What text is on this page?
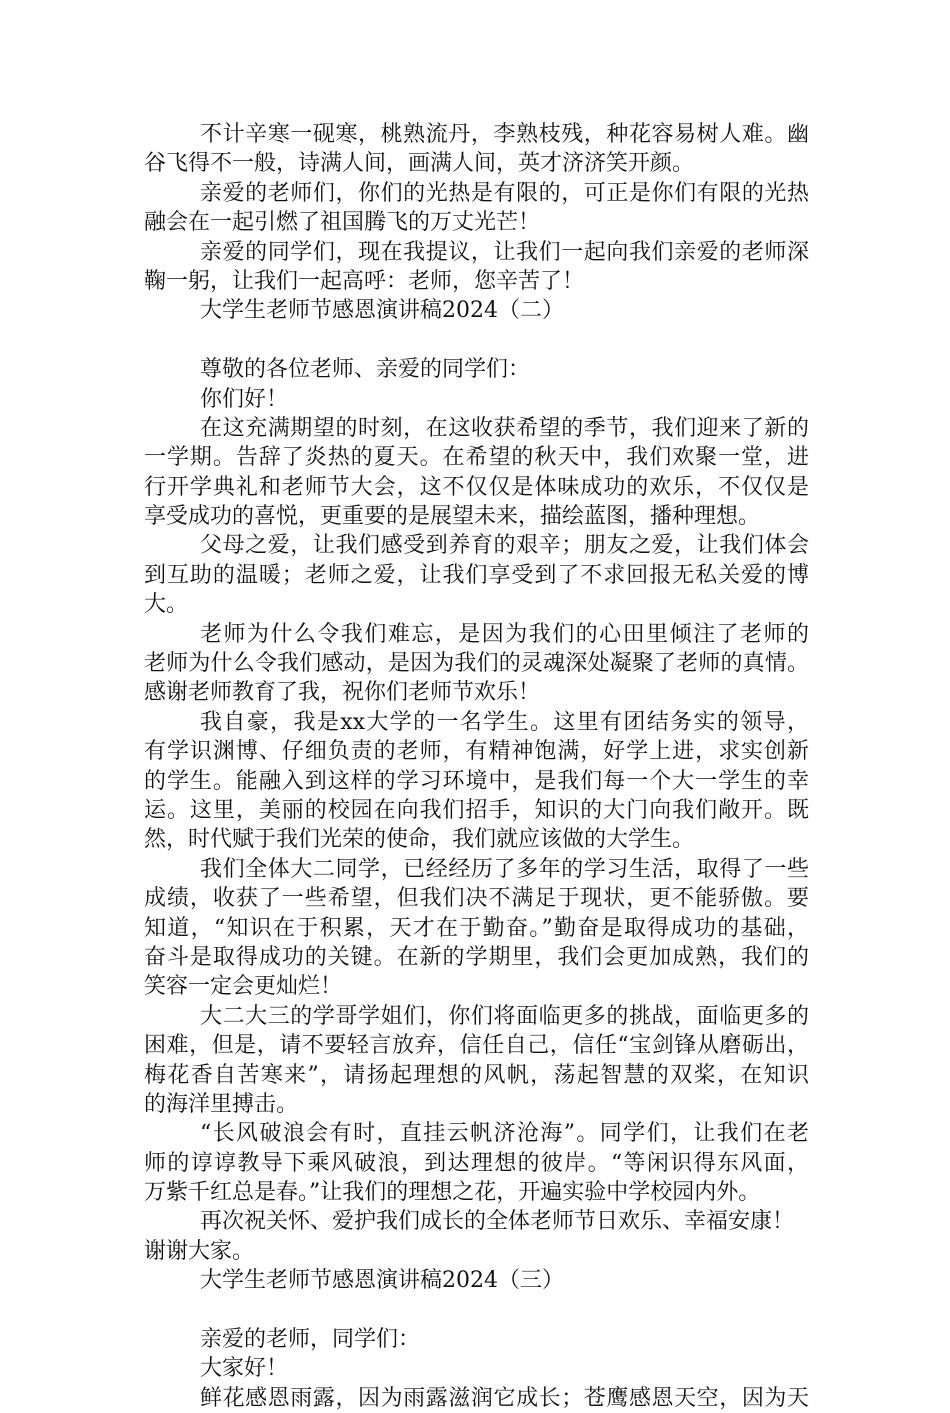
不计辛寒一砚寒，桃熟流丹，李熟枝残，种花容易树人难。幽
谷飞得不一般，诗满人间，画满人间，英才济济笑开颜。
亲爱的老师们，你们的光热是有限的，可正是你们有限的光热
融会在一起引燃了祖国腾飞的万丈光芒！
亲爱的同学们，现在我提议，让我们一起向我们亲爱的老师深
鞠一躬，让我们一起高呼：老师，您辛苦了！
大学生老师节感恩演讲稿2024（二）
尊敬的各位老师、亲爱的同学们：
你们好！
在这充满期望的时刻，在这收获希望的季节，我们迎来了新的
一学期。告辞了炎热的夏天。在希望的秋天中，我们欢聚一堂，进
行开学典礼和老师节大会，这不仅仅是体味成功的欢乐，不仅仅是
享受成功的喜悦，更重要的是展望未来，描绘蓝图，播种理想。
父母之爱，让我们感受到养育的艰辛；朋友之爱，让我们体会
到互助的温暖；老师之爱，让我们享受到了不求回报无私关爱的博
大。
老师为什么令我们难忘，是因为我们的心田里倾注了老师的
老师为什么令我们感动，是因为我们的灵魂深处凝聚了老师的真情。
感谢老师教育了我，祝你们老师节欢乐！
我自豪，我是xx大学的一名学生。这里有团结务实的领导，
有学识渊博、仔细负责的老师，有精神饱满，好学上进，求实创新
的学生。能融入到这样的学习环境中，是我们每一个大一学生的幸
运。这里，美丽的校园在向我们招手，知识的大门向我们敞开。既
然，时代赋于我们光荣的使命，我们就应该做的大学生。
我们全体大二同学，已经经历了多年的学习生活，取得了一些
成绩，收获了一些希望，但我们决不满足于现状，更不能骄傲。要
知道，“知识在于积累，天才在于勤奋。”勤奋是取得成功的基础，
奋斗是取得成功的关键。在新的学期里，我们会更加成熟，我们的
笑容一定会更灿烂！
大二大三的学哥学姐们，你们将面临更多的挑战，面临更多的
困难，但是，请不要轻言放弃，信任自己，信任“宝剑锋从磨砺出，
梅花香自苦寒来”，请扬起理想的风帆，荡起智慧的双桨，在知识
的海洋里搏击。
“长风破浪会有时，直挂云帆济沧海”。同学们，让我们在老
师的谆谆教导下乘风破浪，到达理想的彼岸。“等闲识得东风面，
万紫千红总是春。”让我们的理想之花，开遍实验中学校园内外。
再次祝关怀、爱护我们成长的全体老师节日欢乐、幸福安康！
谢谢大家。
大学生老师节感恩演讲稿2024（三）
亲爱的老师，同学们：
大家好！
鲜花感恩雨露，因为雨露滋润它成长；苍鹰感恩天空，因为天
